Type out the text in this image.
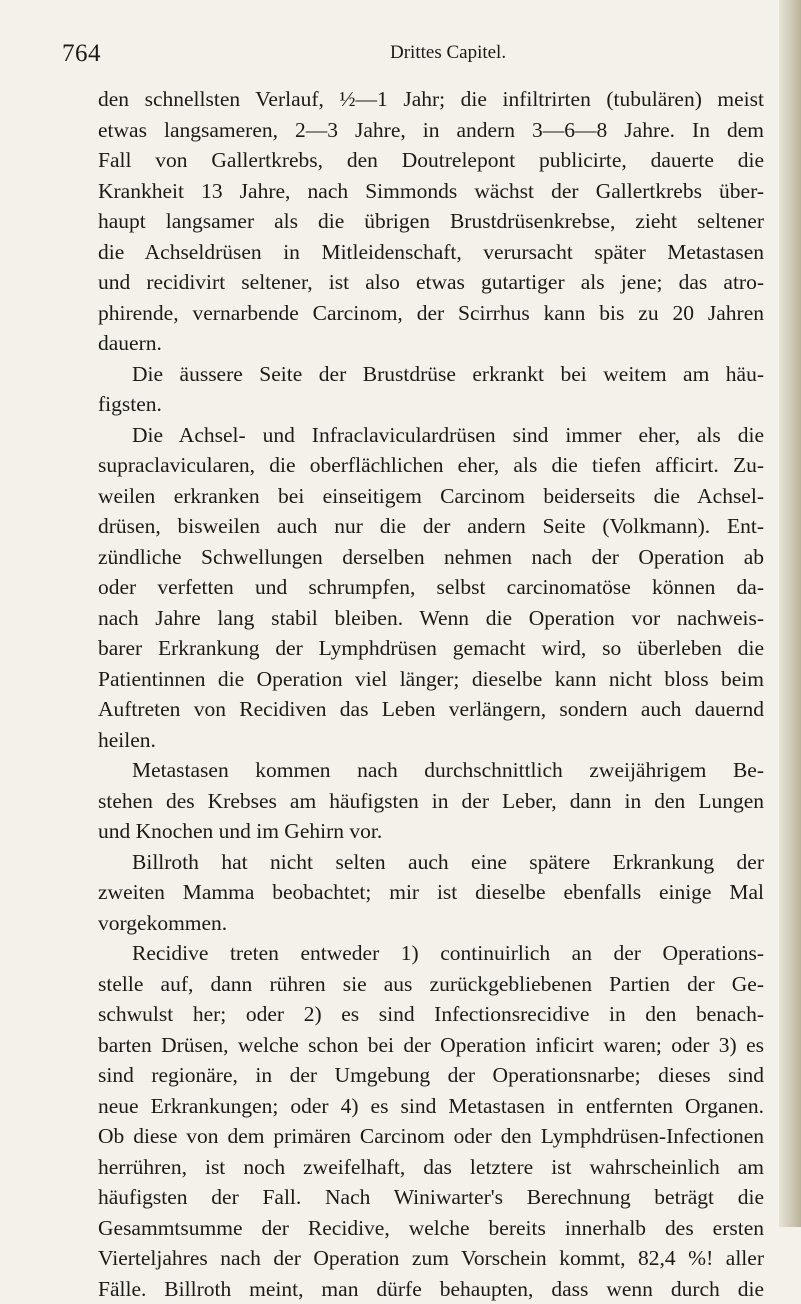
764	Drittes Capitel.
den schnellsten Verlauf, ½—1 Jahr; die infiltrirten (tubulären) meist
etwas langsameren, 2—3 Jahre, in andern 3—6—8 Jahre. In dem
Fall von Gallertkrebs, den Doutrelepont publicirte, dauerte die
Krankheit 13 Jahre, nach Simmonds wächst der Gallertkrebs über-
haupt langsamer als die übrigen Brustdrüsenkrebse, zieht seltener
die Achseldrüsen in Mitleidenschaft, verursacht später Metastasen
und recidivirt seltener, ist also etwas gutartiger als jene; das atro-
phirende, vernarbende Carcinom, der Scirrhus kann bis zu 20 Jahren
dauern.
Die äussere Seite der Brustdrüse erkrankt bei weitem am häu-
figsten.
Die Achsel- und Infraclaviculardrüsen sind immer eher, als die
supraclavicularen, die oberflächlichen eher, als die tiefen afficirt. Zu-
weilen erkranken bei einseitigem Carcinom beiderseits die Achsel-
drüsen, bisweilen auch nur die der andern Seite (Volkmann). Ent-
zündliche Schwellungen derselben nehmen nach der Operation ab
oder verfetten und schrumpfen, selbst carcinomatöse können da-
nach Jahre lang stabil bleiben. Wenn die Operation vor nachweis-
barer Erkrankung der Lymphdrüsen gemacht wird, so überleben die
Patientinnen die Operation viel länger; dieselbe kann nicht bloss beim
Auftreten von Recidiven das Leben verlängern, sondern auch dauernd
heilen.
Metastasen kommen nach durchschnittlich zweijährigem Be-
stehen des Krebses am häufigsten in der Leber, dann in den Lungen
und Knochen und im Gehirn vor.
Billroth hat nicht selten auch eine spätere Erkrankung der
zweiten Mamma beobachtet; mir ist dieselbe ebenfalls einige Mal
vorgekommen.
Recidive treten entweder 1) continuirlich an der Operations-
stelle auf, dann rühren sie aus zurückgebliebenen Partien der Ge-
schwulst her; oder 2) es sind Infectionsrecidive in den benach-
barten Drüsen, welche schon bei der Operation inficirt waren; oder 3) es
sind regionäre, in der Umgebung der Operationsnarbe; dieses sind
neue Erkrankungen; oder 4) es sind Metastasen in entfernten Organen.
Ob diese von dem primären Carcinom oder den Lymphdrüsen-Infectionen
herrühren, ist noch zweifelhaft, das letztere ist wahrscheinlich am
häufigsten der Fall. Nach Winiwarter's Berechnung beträgt die
Gesammtsumme der Recidive, welche bereits innerhalb des ersten
Vierteljahres nach der Operation zum Vorschein kommt, 82,4 %! aller
Fälle. Billroth meint, man dürfe behaupten, dass wenn durch die
